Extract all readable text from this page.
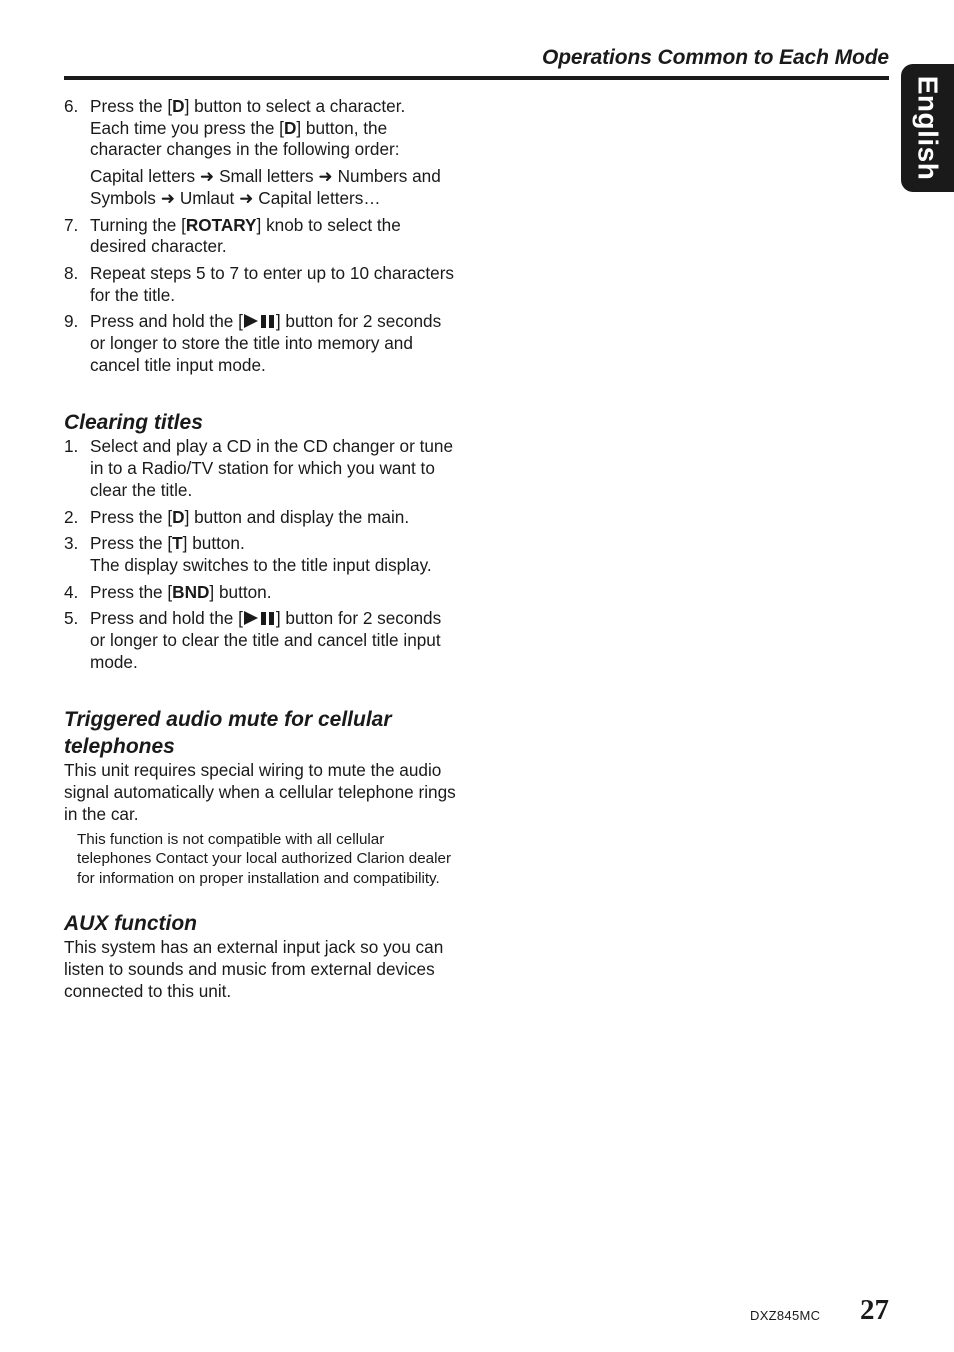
Operations Common to Each Mode
English
6. Press the [D] button to select a character.
Each time you press the [D] button, the character changes in the following order:
Capital letters ➜ Small letters ➜ Numbers and Symbols ➜ Umlaut ➜ Capital letters…
7. Turning the [ROTARY] knob to select the desired character.
8. Repeat steps 5 to 7 to enter up to 10 characters for the title.
9. Press and hold the [ ] button for 2 seconds or longer to store the title into memory and cancel title input mode.
Clearing titles
1. Select and play a CD in the CD changer or tune in to a Radio/TV station for which you want to clear the title.
2. Press the [D] button and display the main.
3. Press the [T] button.
The display switches to the title input display.
4. Press the [BND] button.
5. Press and hold the [ ] button for 2 seconds or longer to clear the title and cancel title input mode.
Triggered audio mute for cellular telephones

This unit requires special wiring to mute the audio signal automatically when a cellular telephone rings in the car.

This function is not compatible with all cellular telephones Contact your local authorized Clarion dealer for information on proper installation and compatibility.

AUX function

This system has an external input jack so you can listen to sounds and music from external devices connected to this unit.

DXZ845MC 27
